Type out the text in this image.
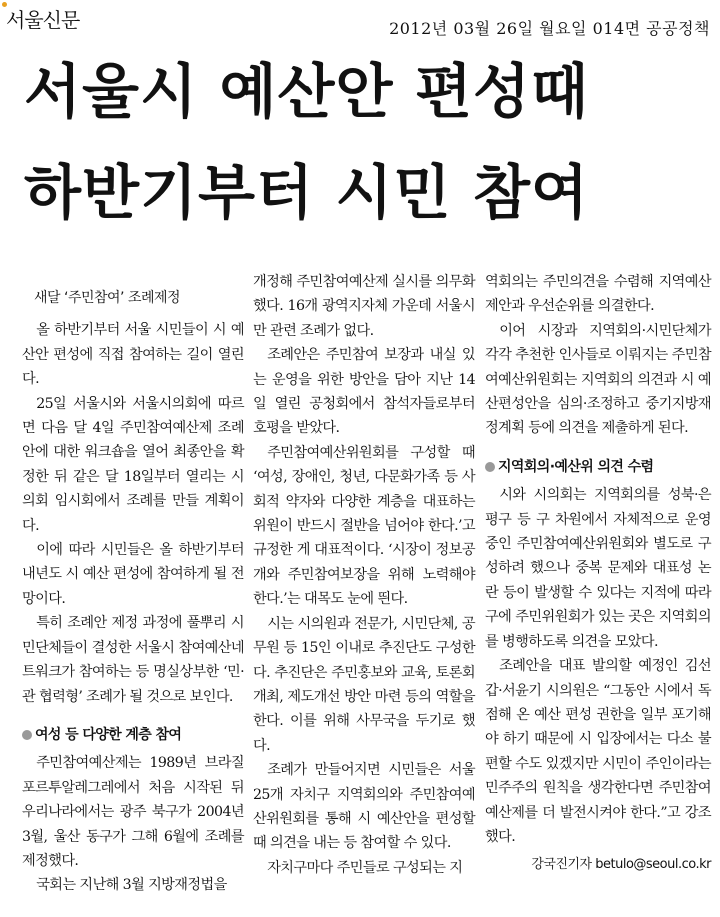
서울신문	2012년 03월 26일 월요일 014면 공공정책
서울시 예산안 편성때
하반기부터 시민 참여
새달 ‘주민참여’ 조례제정

올 하반기부터 서울 시민들이 시 예산안 편성에 직접 참여하는 길이 열린다.

25일 서울시와 서울시의회에 따르면 다음 달 4일 주민참여예산제 조례안에 대한 워크숍을 열어 최종안을 확정한 뒤 같은 달 18일부터 열리는 시의회 임시회에서 조례를 만들 계획이다.

이에 따라 시민들은 올 하반기부터 내년도 시 예산 편성에 참여하게 될 전망이다.

특히 조례안 제정 과정에 풀뿌리 시민단체들이 결성한 서울시 참여예산네트워크가 참여하는 등 명실상부한 ‘민·관 협력형’ 조례가 될 것으로 보인다.

여성 등 다양한 계층 참여

주민참여예산제는 1989년 브라질 포르투알레그레에서 처음 시작된 뒤 우리나라에서는 광주 북구가 2004년 3월, 울산 동구가 그해 6월에 조례를 제정했다.

국회는 지난해 3월 지방재정법을

개정해 주민참여예산제 실시를 의무화했다. 16개 광역지자체 가운데 서울시만 관련 조례가 없다.

조례안은 주민참여 보장과 내실 있는 운영을 위한 방안을 담아 지난 14일 열린 공청회에서 참석자들로부터 호평을 받았다.

주민참여예산위원회를 구성할 때 ‘여성, 장애인, 청년, 다문화가족 등 사회적 약자와 다양한 계층을 대표하는 위원이 반드시 절반을 넘어야 한다.’고 규정한 게 대표적이다. ‘시장이 정보공개와 주민참여보장을 위해 노력해야 한다.’는 대목도 눈에 띈다.

시는 시의원과 전문가, 시민단체, 공무원 등 15인 이내로 추진단도 구성한다. 추진단은 주민홍보와 교육, 토론회 개최, 제도개선 방안 마련 등의 역할을 한다. 이를 위해 사무국을 두기로 했다.

조례가 만들어지면 시민들은 서울 25개 자치구 지역회의와 주민참여예산위원회를 통해 시 예산안을 편성할 때 의견을 내는 등 참여할 수 있다.

자치구마다 주민들로 구성되는 지

역회의는 주민의견을 수렴해 지역예산 제안과 우선순위를 의결한다.

이어 시장과 지역회의·시민단체가 각각 추천한 인사들로 이뤄지는 주민참여예산위원회는 지역회의 의견과 시 예산편성안을 심의·조정하고 중기지방재정계획 등에 의견을 제출하게 된다.

지역회의·예산위 의견 수렴

시와 시의회는 지역회의를 성북·은평구 등 구 차원에서 자체적으로 운영 중인 주민참여예산위원회와 별도로 구성하려 했으나 중복 문제와 대표성 논란 등이 발생할 수 있다는 지적에 따라 구에 주민위원회가 있는 곳은 지역회의를 병행하도록 의견을 모았다.

조례안을 대표 발의할 예정인 김선갑·서윤기 시의원은 “그동안 시에서 독점해 온 예산 편성 권한을 일부 포기해야 하기 때문에 시 입장에서는 다소 불편할 수도 있겠지만 시민이 주인이라는 민주주의 원칙을 생각한다면 주민참여예산제를 더 발전시켜야 한다.”고 강조했다.

강국진기자 betulo@seoul.co.kr
